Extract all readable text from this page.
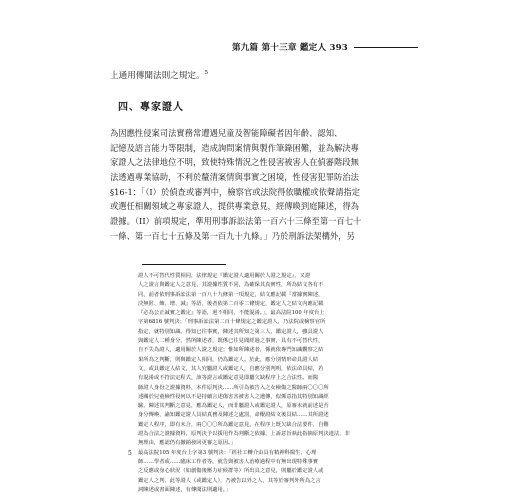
第九篇 第十三章 鑑定人 393
上通用傳聞法則之規定。$^5$
四、專家證人
為因應性侵案司法實務常遭遇兒童及智能障礙者因年齡、認知、
記憶及語言能力等限制，造成詢問案情與製作筆錄困難，並為解決專
家證人之法律地位不明，致使特殊情況之性侵害被害人在偵審階段無
法透過專業協助，不利於釐清案情與事實之困境，性侵害犯罪防治法
§16-1：「（I）於偵查或審判中，檢察官或法院得依職權或依聲請指定
或選任相關領域之專家證人，提供專業意見，經傳喚到庭陳述，得為
證據。（II）前項規定，準用刑事訴訟法第一百六十三條至第一百七十
一條、第一百七十五條及第一百九十九條。」乃於刑訴法架構外，另
證人不可替代性質相同，法律規定『鑑定證人適用關於人證之規定』，又證
人之證言與鑑定人之意見，其證據性質不同，為確保其真實性，所為結文各有不
同，前者依刑事訴訟法第一百八十九條第一項規定，結文應記載『當據實陳述，
決無匿、飾、增、減』等語，後者依第二百零二條規定，鑑定人之結文內應記載
『必為公正誠實之鑑定』等語，迥不相同，不能混淆。」，最高法院100 年度台上
字第6816 號判決：「刑事訴訟法第二百十條規定之鑑定證人，乃法院或檢察官所
指定，就特別知識，得知已往事實，陳述其所知之第三人，鑑定證人，雖具證人
與鑑定人二種身分，然所陳述者，既係已往見聞經過之事實，具有不可替代性，
自不失為證人，適用關於人證之規定；惟如所陳述者，係就依專門知識觀察之結
果所為之判斷，則與鑑定人相同，仍為鑑定人。於此，應分別情形命具證人結
文，或具鑑定人結文，其人究屬證人或鑑定人，自應分別判明，依法命具結，若
有混淆或不符法定程式，該等證言或鑑定意見即屬欠缺程序上之合法性。而醫
師證人身份之證據資料，本件原判決……所引為被告入之女檢傷之醫師兩〇〇〇所
述關於兒童檢性侵何以不是持續言述傷害害被害人之遺傳，似係意指其特別知識經
驗，陳述其判斷之意見，應為鑑定人，而非屬證人或鑑定證人，原審未就前述是否
身分傳喚，諭知鑑定證人具結真務及陳述之處罰，命醍證結文後具結……其所證述
鑑定人程序，即有未合，兩〇〇〇所為鑑定意見，在程序上既欠缺合法要件，自難
證為合法之證據資料，原判決予以援用作為判斷之依據，上訴意旨執此指摘原判決違法，非
無理由，應認仍有撤銷發回更審之原因。」
5 最高法院105 年度台上字第3 號判決：「經社工轉介由具有精神科醫生、心理
師……學者或……臨床工作者等，就告與被害人治療過程中有無出現特殊事實
之反應或身心狀況（如創傷後壓力症候群等）所出具之意見，則屬於鑑定證人或
鑑定人之判，此等證人（或鑑定人），乃被告以外之人，其等於審判外所為之言
詞陳述或書面陳述，有傳聞法則適用。」
